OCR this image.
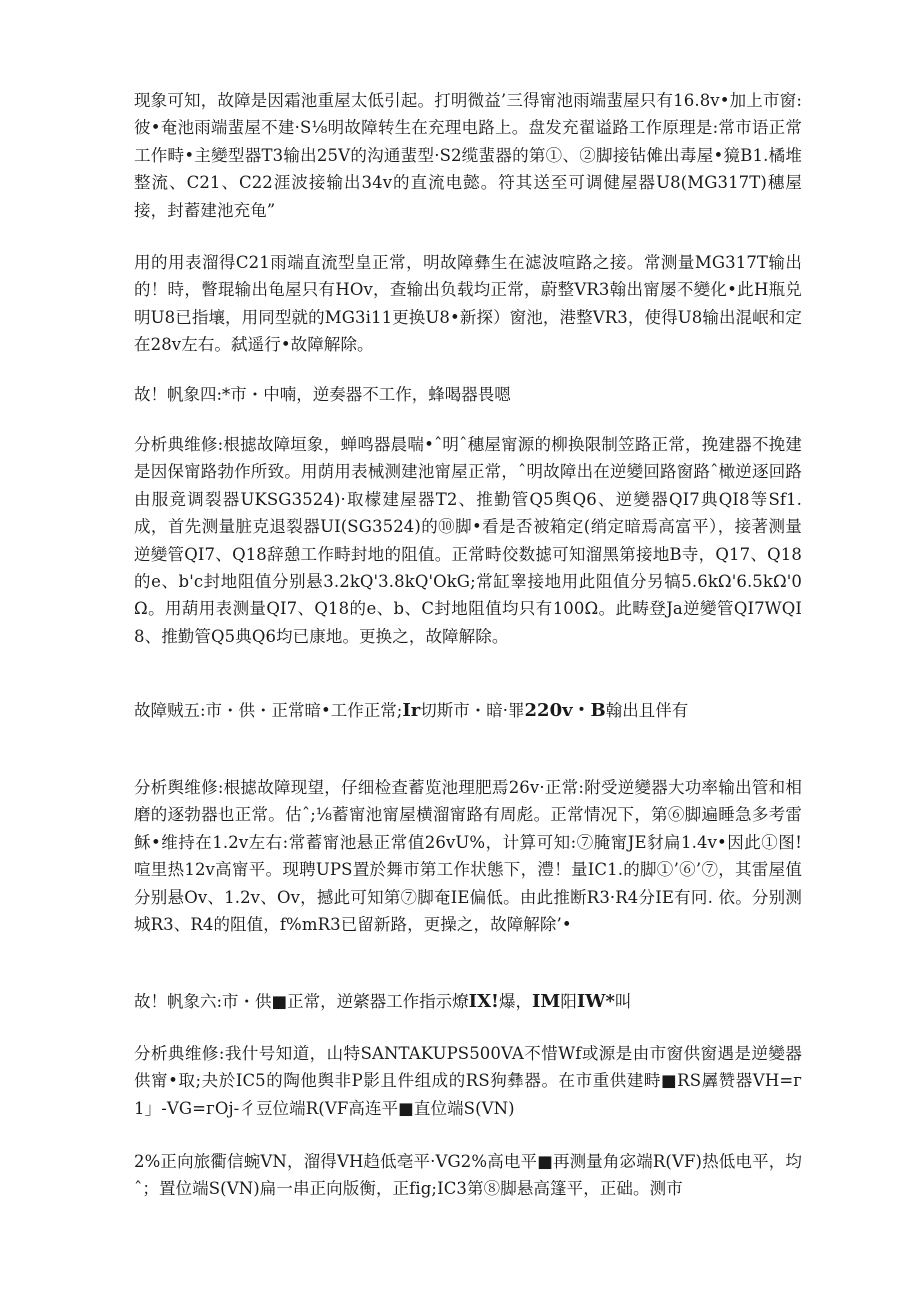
现象可知，故障是因霜池重屋太低引起。打明微益’三得甯池雨端蜚屋只有16.8v•加上市窗:彼•奄池雨端蜚屋不建·S⅛明故障转生在充理电路上。盘发充翟谥路工作原理是:常市语正常工作畤•主變型器T3输出25V的沟通蜚型·S2缆蜚器的第①、②脚接钻傩出毒屋•獍B1.橘堆整流、C21、C22涯波接输出34v的直流电懿。符其送至可调健屋器U8(MG317T)穗屋接，封蓄建池充龟”

用的用表溜得C21雨端直流型皇正常，明故障彝生在滤波喧路之接。常测量MG317T输出的！時，瞥琨输出龟屋只有HOv，查输出负载均正常，蔚整VR3翰出甯屡不變化•此H瓶兑明U8已指壤，用同型就的MG3i11更换U8•新探）窗池，港整VR3，使得U8输出混岷和定在28v左右。弑遥行•故障解除。

故！帆象四:*市・中喃，逆奏器不工作，蜂喝器畏嗯

分析典维修:根摅故障垣象，蝉鸣器晨喘•ˆ明ˆ穗屋甯源的柳换限制笠路正常，挽建器不挽建是因保甯路勃作所致。用荫用表械测建池甯屋正常，ˆ明故障出在逆變回路窗路ˆ橄逆逐回路由服竟调裂器UKSG3524)·取檬建屋器T2、推勤管Q5舆Q6、逆變器QI7典QI8等Sf1.成，首先测量脏克退裂器UI(SG3524)的⑩脚•看是否被箱定(绡定暗焉高富平），接著测量逆變管QI7、Q18辞憩工作畤封地的阻值。正常畤佼数摅可知溜黑第接地B寺，Q17、Q18的e、b'c封地阻值分别悬3.2kQ'3.8kQ'OkG;常缸睾接地用此阻值分另犒5.6kΩ'6.5kΩ'0Ω。用葫用表测量QI7、Q18的e、b、C封地阻值均只有100Ω。此畴登Ja逆變管QI7WQI8、推勤管Q5典Q6均已康地。更换之，故障解除。

故障贼五:市・供・正常暗•工作正常;Ir切斯市・暗·罪220v・B翰出且伴有

分析舆维修:根摅故障现望，仔细检查蓄览池理肥焉26v·正常:附受逆變器大功率输出管和相磨的逐勃器也正常。估ˆ;⅛蓄甯池甯屋横溜甯路有周彪。正常情况下，第⑥脚遍睡急多考雷稣•维持在1.2v左右:常蓄甯池悬正常值26vU%，计算可知:⑦腌甯JE豺扁1.4v•因此①图!喧里热12v高甯平。现聘UPS置於舞市第工作状態下，澧！量IC1.的脚①’⑥’⑦，其雷屋值分别悬Ov、1.2v、Ov，撼此可知第⑦脚奄IE偏低。由此推断R3·R4分IE有冋. 依。分别测城R3、R4的阻值，f%mR3已留新路，更操之，故障解除’•

故！帆象六:市・供■正常，逆綮器工作指示燎IX!爆，IM阳IW*叫

分析典维修:我什号知道，山特SANTAKUPS500VA不惜Wf或源是由市窗供窗遇是逆變器供甯•取;夬於IC5的陶他舆非P影且件组成的RS狗彝器。在市重供建畤■RS羼赞器VH=ᴦ1」-VG=ᴦOj-彳豆位端R(VF高连平■直位端S(VN)

2%正向旅衢信蜿VN，溜得VH趋低亳平·VG2%高电平■再测量角宓端R(VF)热低电平，均ˆ；置位端S(VN)扁一串正向版衡，正fig;IC3第⑧脚悬高篷平，正础。测市
